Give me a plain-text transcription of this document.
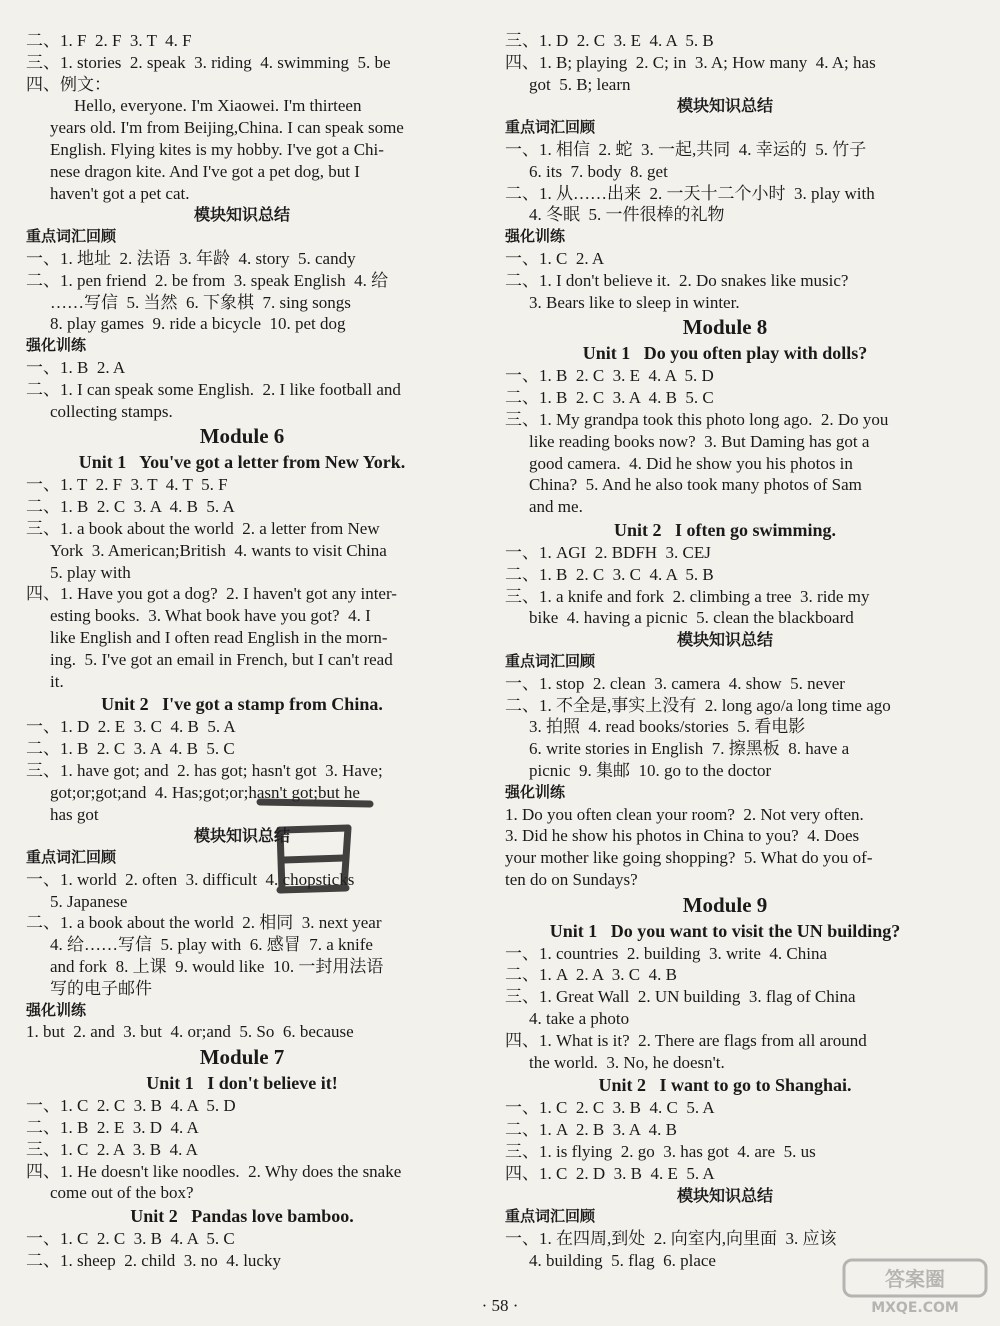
二、1. F  2. F  3. T  4. F
三、1. stories  2. speak  3. riding  4. swimming  5. be
四、例文：
Hello, everyone. I'm Xiaowei. I'm thirteen
years old. I'm from Beijing,China. I can speak some
English. Flying kites is my hobby. I've got a Chi-
nese dragon kite. And I've got a pet dog, but I
haven't got a pet cat.
模块知识总结
重点词汇回顾
一、1. 地址  2. 法语  3. 年龄  4. story  5. candy
二、1. pen friend  2. be from  3. speak English  4. 给
……写信  5. 当然  6. 下象棋  7. sing songs
8. play games  9. ride a bicycle  10. pet dog
强化训练
一、1. B  2. A
二、1. I can speak some English.  2. I like football and
collecting stamps.
Module 6
Unit 1   You've got a letter from New York.
一、1. T  2. F  3. T  4. T  5. F
二、1. B  2. C  3. A  4. B  5. A
三、1. a book about the world  2. a letter from New
York  3. American;British  4. wants to visit China
5. play with
四、1. Have you got a dog?  2. I haven't got any inter-
esting books.  3. What book have you got?  4. I
like English and I often read English in the morn-
ing.  5. I've got an email in French, but I can't read
it.
Unit 2   I've got a stamp from China.
一、1. D  2. E  3. C  4. B  5. A
二、1. B  2. C  3. A  4. B  5. C
三、1. have got; and  2. has got; hasn't got  3. Have;
got;or;got;and  4. Has;got;or;hasn't got;but he
has got
模块知识总结
重点词汇回顾
一、1. world  2. often  3. difficult  4. chopsticks
5. Japanese
二、1. a book about the world  2. 相同  3. next year
4. 给……写信  5. play with  6. 感冒  7. a knife
and fork  8. 上课  9. would like  10. 一封用法语
写的电子邮件
强化训练
1. but  2. and  3. but  4. or;and  5. So  6. because
Module 7
Unit 1   I don't believe it!
一、1. C  2. C  3. B  4. A  5. D
二、1. B  2. E  3. D  4. A
三、1. C  2. A  3. B  4. A
四、1. He doesn't like noodles.  2. Why does the snake
come out of the box?
Unit 2   Pandas love bamboo.
一、1. C  2. C  3. B  4. A  5. C
二、1. sheep  2. child  3. no  4. lucky
三、1. D  2. C  3. E  4. A  5. B
四、1. B; playing  2. C; in  3. A; How many  4. A; has
got  5. B; learn
模块知识总结
重点词汇回顾
一、1. 相信  2. 蛇  3. 一起,共同  4. 幸运的  5. 竹子
6. its  7. body  8. get
二、1. 从……出来  2. 一天十二个小时  3. play with
4. 冬眠  5. 一件很棒的礼物
强化训练
一、1. C  2. A
二、1. I don't believe it.  2. Do snakes like music?
3. Bears like to sleep in winter.
Module 8
Unit 1   Do you often play with dolls?
一、1. B  2. C  3. E  4. A  5. D
二、1. B  2. C  3. A  4. B  5. C
三、1. My grandpa took this photo long ago.  2. Do you
like reading books now?  3. But Daming has got a
good camera.  4. Did he show you his photos in
China?  5. And he also took many photos of Sam
and me.
Unit 2   I often go swimming.
一、1. AGI  2. BDFH  3. CEJ
二、1. B  2. C  3. C  4. A  5. B
三、1. a knife and fork  2. climbing a tree  3. ride my
bike  4. having a picnic  5. clean the blackboard
模块知识总结
重点词汇回顾
一、1. stop  2. clean  3. camera  4. show  5. never
二、1. 不全是,事实上没有  2. long ago/a long time ago
3. 拍照  4. read books/stories  5. 看电影
6. write stories in English  7. 擦黑板  8. have a
picnic  9. 集邮  10. go to the doctor
强化训练
1. Do you often clean your room?  2. Not very often.
3. Did he show his photos in China to you?  4. Does
your mother like going shopping?  5. What do you of-
ten do on Sundays?
Module 9
Unit 1   Do you want to visit the UN building?
一、1. countries  2. building  3. write  4. China
二、1. A  2. A  3. C  4. B
三、1. Great Wall  2. UN building  3. flag of China
4. take a photo
四、1. What is it?  2. There are flags from all around
the world.  3. No, he doesn't.
Unit 2   I want to go to Shanghai.
一、1. C  2. C  3. B  4. C  5. A
二、1. A  2. B  3. A  4. B
三、1. is flying  2. go  3. has got  4. are  5. us
四、1. C  2. D  3. B  4. E  5. A
模块知识总结
重点词汇回顾
一、1. 在四周,到处  2. 向室内,向里面  3. 应该
4. building  5. flag  6. place
答案圈
MXQE.COM
· 58 ·
